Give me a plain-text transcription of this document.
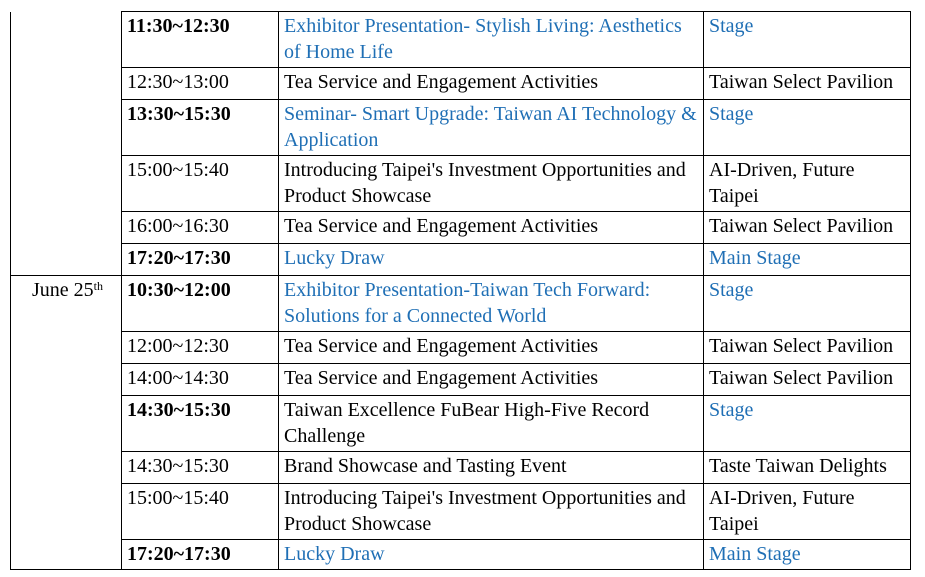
	11:30~12:30	Exhibitor Presentation- Stylish Living: Aesthetics of Home Life	Stage
	12:30~13:00	Tea Service and Engagement Activities	Taiwan Select Pavilion
	13:30~15:30	Seminar- Smart Upgrade: Taiwan AI Technology & Application	Stage
	15:00~15:40	Introducing Taipei's Investment Opportunities and Product Showcase	AI-Driven, Future Taipei
	16:00~16:30	Tea Service and Engagement Activities	Taiwan Select Pavilion
	17:20~17:30	Lucky Draw	Main Stage
June 25th	10:30~12:00	Exhibitor Presentation-Taiwan Tech Forward: Solutions for a Connected World	Stage
	12:00~12:30	Tea Service and Engagement Activities	Taiwan Select Pavilion
	14:00~14:30	Tea Service and Engagement Activities	Taiwan Select Pavilion
	14:30~15:30	Taiwan Excellence FuBear High-Five Record Challenge	Stage
	14:30~15:30	Brand Showcase and Tasting Event	Taste Taiwan Delights
	15:00~15:40	Introducing Taipei's Investment Opportunities and Product Showcase	AI-Driven, Future Taipei
	17:20~17:30	Lucky Draw	Main Stage
